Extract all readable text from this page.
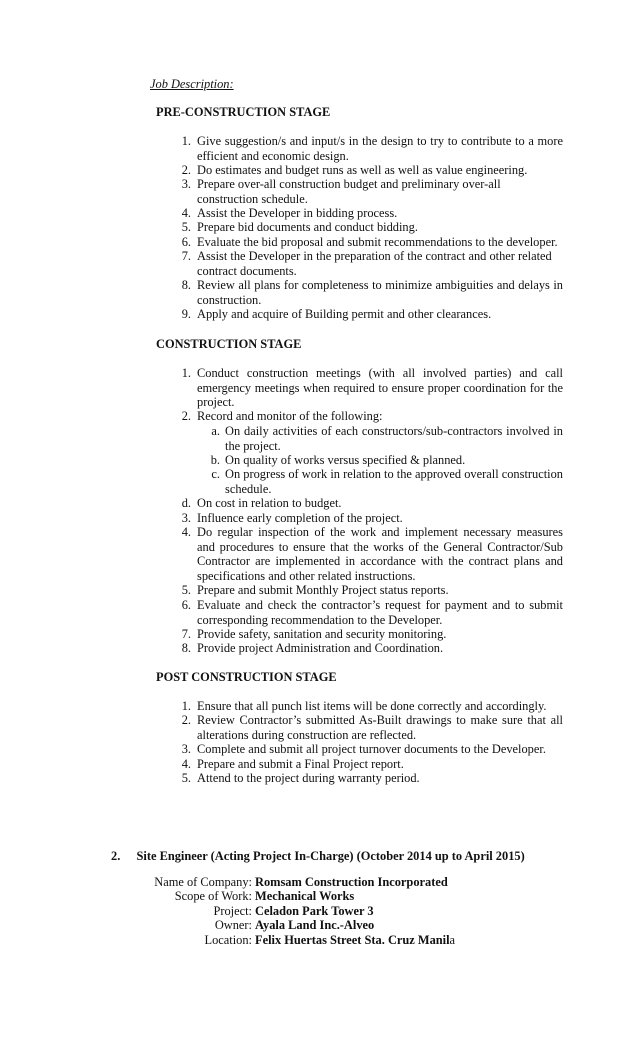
Job Description:
PRE-CONSTRUCTION STAGE
1. Give suggestion/s and input/s in the design to try to contribute to a more efficient and economic design.
2. Do estimates and budget runs as well as well as value engineering.
3. Prepare over-all construction budget and preliminary over-all construction schedule.
4. Assist the Developer in bidding process.
5. Prepare bid documents and conduct bidding.
6. Evaluate the bid proposal and submit recommendations to the developer.
7. Assist the Developer in the preparation of the contract and other related contract documents.
8. Review all plans for completeness to minimize ambiguities and delays in construction.
9. Apply and acquire of Building permit and other clearances.
CONSTRUCTION STAGE
1. Conduct construction meetings (with all involved parties) and call emergency meetings when required to ensure proper coordination for the project.
2. Record and monitor of the following:
a. On daily activities of each constructors/sub-contractors involved in the project.
b. On quality of works versus specified & planned.
c. On progress of work in relation to the approved overall construction schedule.
d. On cost in relation to budget.
3. Influence early completion of the project.
4. Do regular inspection of the work and implement necessary measures and procedures to ensure that the works of the General Contractor/Sub Contractor are implemented in accordance with the contract plans and specifications and other related instructions.
5. Prepare and submit Monthly Project status reports.
6. Evaluate and check the contractor’s request for payment and to submit corresponding recommendation to the Developer.
7. Provide safety, sanitation and security monitoring.
8. Provide project Administration and Coordination.
POST CONSTRUCTION STAGE
1. Ensure that all punch list items will be done correctly and accordingly.
2. Review Contractor’s submitted As-Built drawings to make sure that all alterations during construction are reflected.
3. Complete and submit all project turnover documents to the Developer.
4. Prepare and submit a Final Project report.
5. Attend to the project during warranty period.
2. Site Engineer (Acting Project In-Charge) (October 2014 up to April 2015)
Name of Company: Romsam Construction Incorporated
Scope of Work: Mechanical Works
Project: Celadon Park Tower 3
Owner: Ayala Land Inc.-Alveo
Location: Felix Huertas Street Sta. Cruz Manila
